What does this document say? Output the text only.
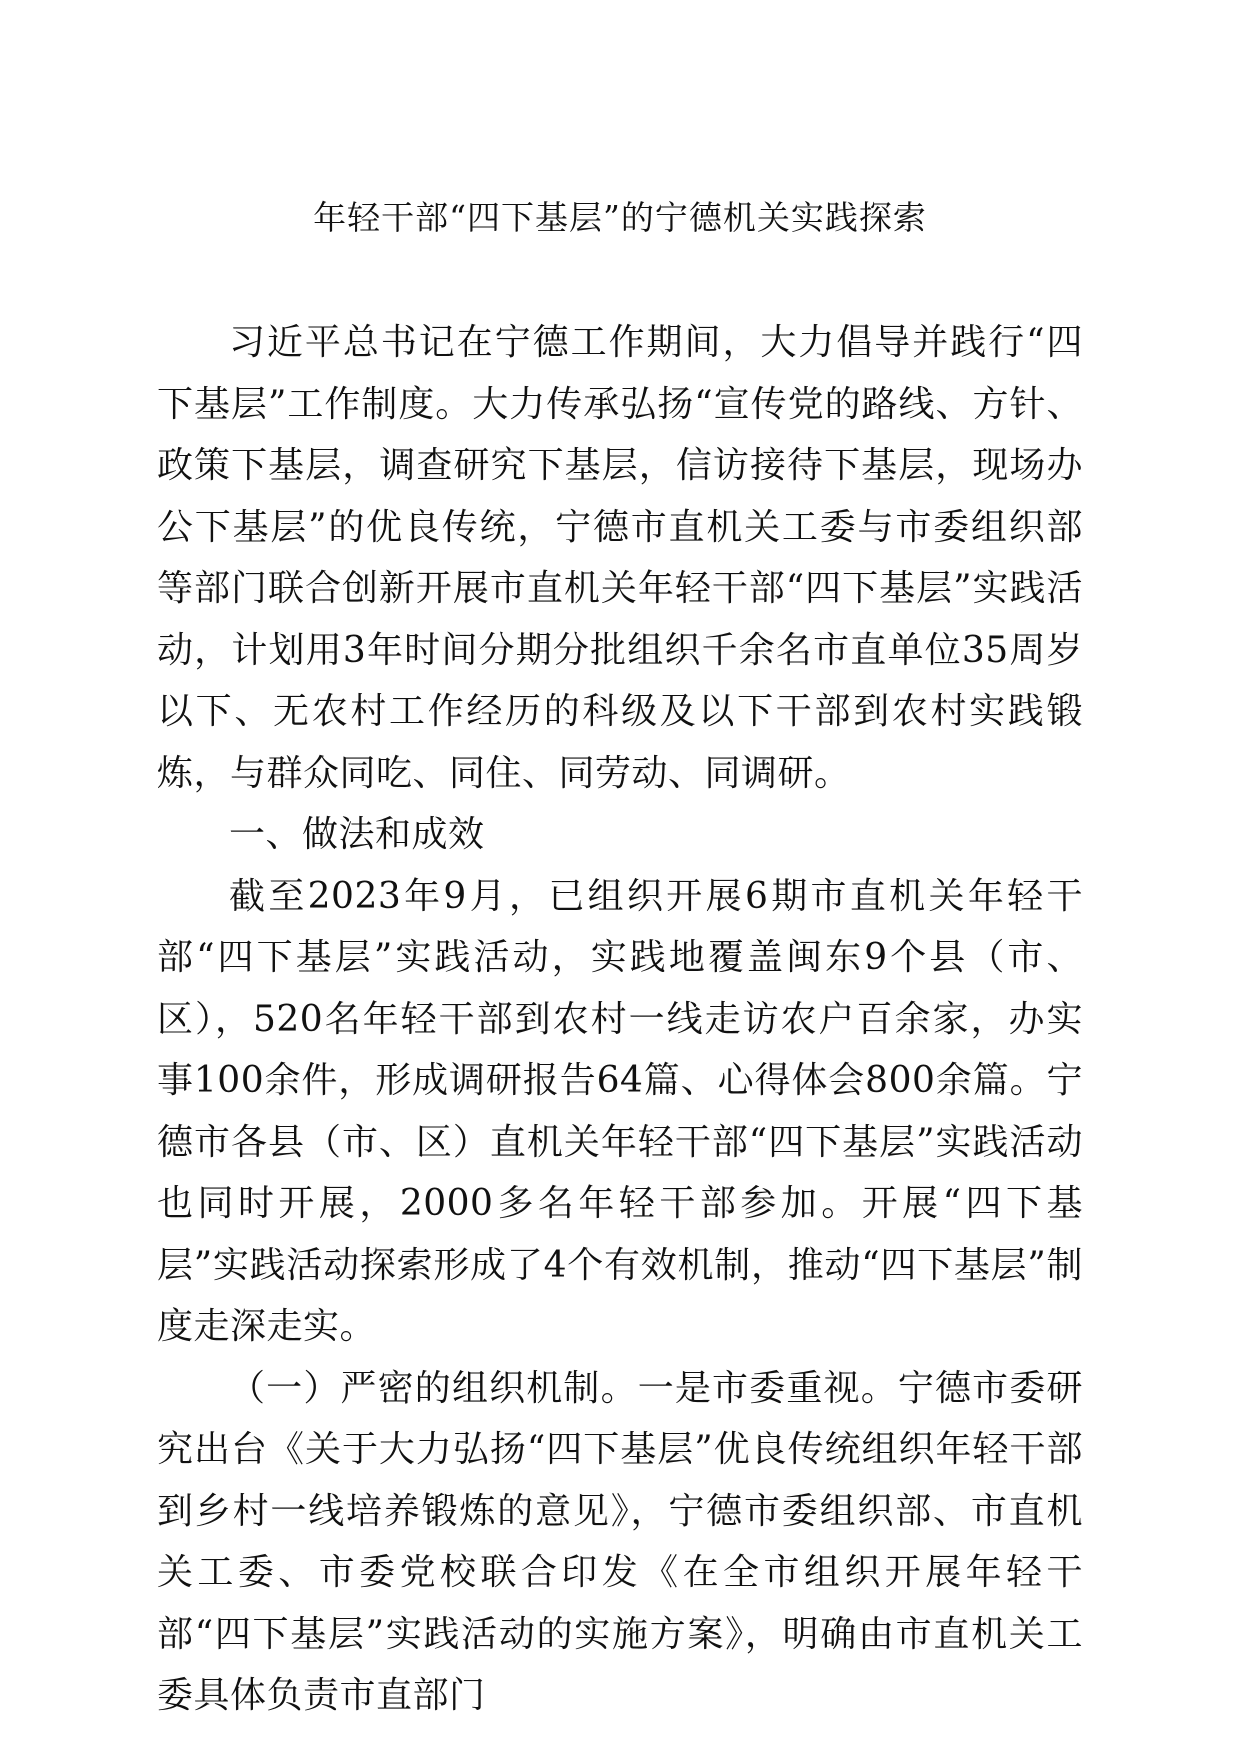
年轻干部“四下基层”的宁德机关实践探索

习近平总书记在宁德工作期间，大力倡导并践行“四下基层”工作制度。大力传承弘扬“宣传党的路线、方针、政策下基层，调查研究下基层，信访接待下基层，现场办公下基层”的优良传统，宁德市直机关工委与市委组织部等部门联合创新开展市直机关年轻干部“四下基层”实践活动，计划用3年时间分期分批组织千余名市直单位35周岁以下、无农村工作经历的科级及以下干部到农村实践锻炼，与群众同吃、同住、同劳动、同调研。

一、做法和成效

截至2023年9月，已组织开展6期市直机关年轻干部“四下基层”实践活动，实践地覆盖闽东9个县（市、区），520名年轻干部到农村一线走访农户百余家，办实事100余件，形成调研报告64篇、心得体会800余篇。宁德市各县（市、区）直机关年轻干部“四下基层”实践活动也同时开展，2000多名年轻干部参加。开展“四下基层”实践活动探索形成了4个有效机制，推动“四下基层”制度走深走实。

（一）严密的组织机制。一是市委重视。宁德市委研究出台《关于大力弘扬“四下基层”优良传统组织年轻干部到乡村一线培养锻炼的意见》，宁德市委组织部、市直机关工委、市委党校联合印发《在全市组织开展年轻干部“四下基层”实践活动的实施方案》，明确由市直机关工委具体负责市直部门
